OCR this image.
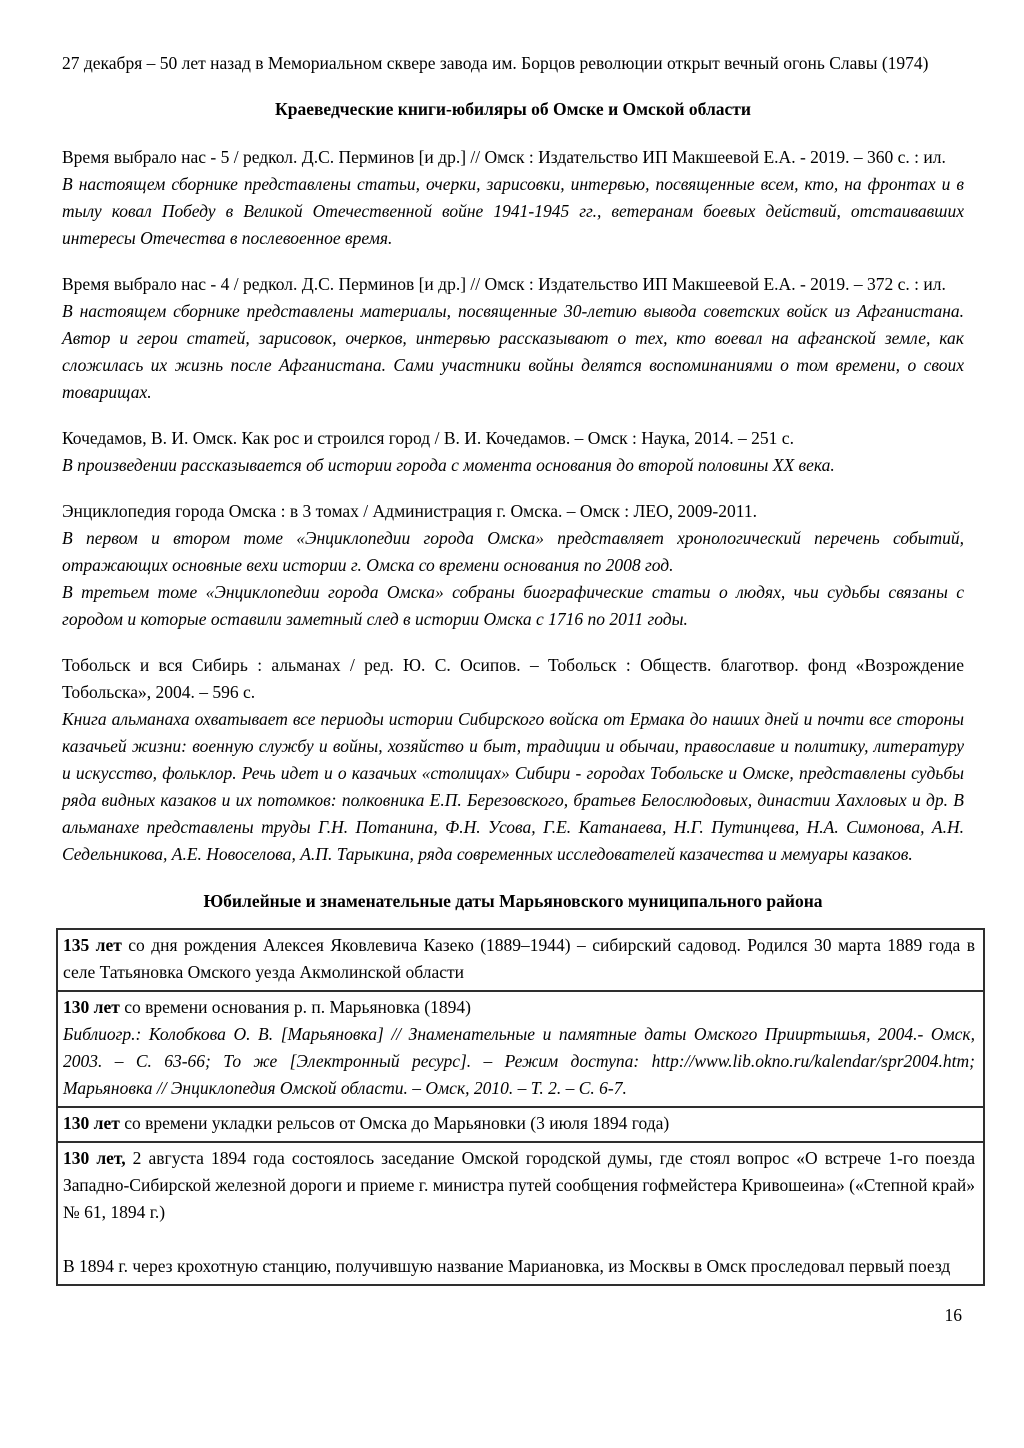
27 декабря – 50 лет назад в Мемориальном сквере завода им. Борцов революции открыт вечный огонь Славы (1974)

Краеведческие книги-юбиляры об Омске и Омской области

Время выбрало нас - 5 / редкол. Д.С. Перминов [и др.] // Омск : Издательство ИП Макшеевой Е.А. - 2019. – 360 с. : ил.

В настоящем сборнике представлены статьи, очерки, зарисовки, интервью, посвященные всем, кто, на фронтах и в тылу ковал Победу в Великой Отечественной войне 1941-1945 гг., ветеранам боевых действий, отстаивавших интересы Отечества в послевоенное время.

Время выбрало нас - 4 / редкол. Д.С. Перминов [и др.] // Омск : Издательство ИП Макшеевой Е.А. - 2019. – 372 с. : ил.

В настоящем сборнике представлены материалы, посвященные 30-летию вывода советских войск из Афганистана. Автор и герои статей, зарисовок, очерков, интервью рассказывают о тех, кто воевал на афганской земле, как сложилась их жизнь после Афганистана. Сами участники войны делятся воспоминаниями о том времени, о своих товарищах.

Кочедамов, В. И. Омск. Как рос и строился город / В. И. Кочедамов. – Омск : Наука, 2014. – 251 с.

В произведении рассказывается об истории города с момента основания до второй половины XX века.

Энциклопедия города Омска : в 3 томах / Администрация г. Омска. – Омск : ЛЕО, 2009-2011.

В первом и втором томе «Энциклопедии города Омска» представляет хронологический перечень событий, отражающих основные вехи истории г. Омска со времени основания по 2008 год.

В третьем томе «Энциклопедии города Омска» собраны биографические статьи о людях, чьи судьбы связаны с городом и которые оставили заметный след в истории Омска с 1716 по 2011 годы.

Тобольск и вся Сибирь : альманах / ред. Ю. С. Осипов. – Тобольск : Обществ. благотвор. фонд «Возрождение Тобольска», 2004. – 596 с.

Книга альманаха охватывает все периоды истории Сибирского войска от Ермака до наших дней и почти все стороны казачьей жизни: военную службу и войны, хозяйство и быт, традиции и обычаи, православие и политику, литературу и искусство, фольклор. Речь идет и о казачьих «столицах» Сибири - городах Тобольске и Омске, представлены судьбы ряда видных казаков и их потомков: полковника Е.П. Березовского, братьев Белослюдовых, династии Хахловых и др. В альманахе представлены труды Г.Н. Потанина, Ф.Н. Усова, Г.Е. Катанаева, Н.Г. Путинцева, Н.А. Симонова, А.Н. Седельникова, А.Е. Новоселова, А.П. Тарыкина, ряда современных исследователей казачества и мемуары казаков.

Юбилейные и знаменательные даты Марьяновского муниципального района

135 лет со дня рождения Алексея Яковлевича Казеко (1889–1944) – сибирский садовод. Родился 30 марта 1889 года в селе Татьяновка Омского уезда Акмолинской области

130 лет со времени основания р. п. Марьяновка (1894)

Библиогр.: Колобкова О. В. [Марьяновка] // Знаменательные и памятные даты Омского Прииртышья, 2004.- Омск, 2003. – С. 63-66; То же [Электронный ресурс]. – Режим доступа: http://www.lib.okno.ru/kalendar/spr2004.htm; Марьяновка // Энциклопедия Омской области. – Омск, 2010. – Т. 2. – С. 6-7.

130 лет со времени укладки рельсов от Омска до Марьяновки (3 июля 1894 года)

130 лет, 2 августа 1894 года состоялось заседание Омской городской думы, где стоял вопрос «О встрече 1-го поезда Западно-Сибирской железной дороги и приеме г. министра путей сообщения гофмейстера Кривошеина» («Степной край» № 61, 1894 г.)

В 1894 г. через крохотную станцию, получившую название Мариановка, из Москвы в Омск проследовал первый поезд

16
